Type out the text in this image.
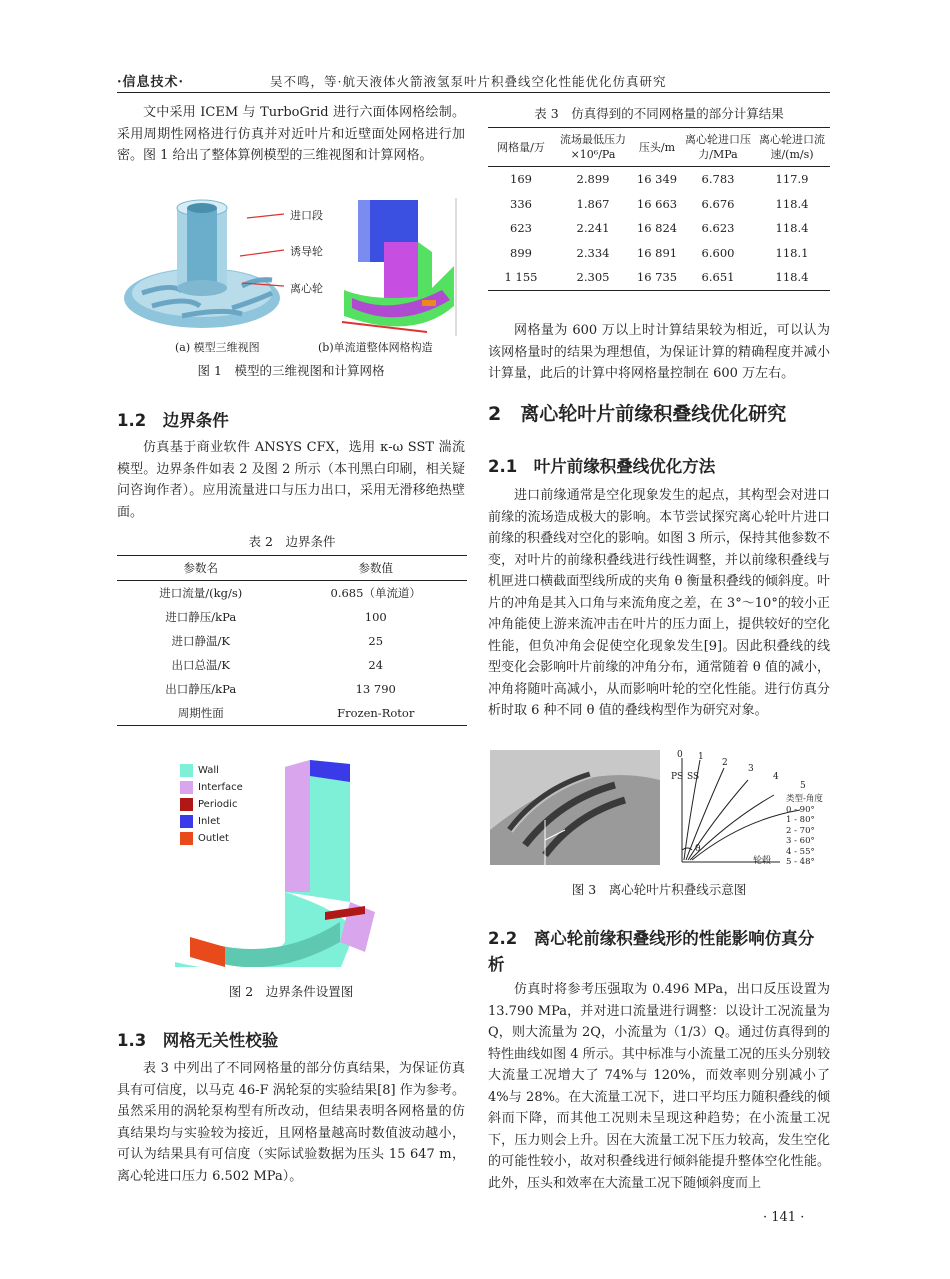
·信息技术·	吴不鸣，等·航天液体火箭液氢泵叶片积叠线空化性能优化仿真研究

文中采用 ICEM 与 TurboGrid 进行六面体网格绘制。采用周期性网格进行仿真并对近叶片和近壁面处网格进行加密。图 1 给出了整体算例模型的三维视图和计算网格。

进口段
诱导轮
离心轮
(a) 模型三维视图	(b)单流道整体网格构造
图 1　模型的三维视图和计算网格
1.2　边界条件

仿真基于商业软件 ANSYS CFX，选用 κ-ω SST 湍流模型。边界条件如表 2 及图 2 所示（本刊黑白印刷，相关疑问咨询作者）。应用流量进口与压力出口，采用无滑移绝热壁面。

表 2　边界条件
参数名	参数值
进口流量/(kg/s)	0.685（单流道）
进口静压/kPa	100
进口静温/K	25
出口总温/K	24
出口静压/kPa	13 790
周期性面	Frozen-Rotor
Wall
Interface
Periodic
Inlet
Outlet
图 2　边界条件设置图
1.3　网格无关性校验

表 3 中列出了不同网格量的部分仿真结果，为保证仿真具有可信度，以马克 46-F 涡轮泵的实验结果[8] 作为参考。虽然采用的涡轮泵构型有所改动，但结果表明各网格量的仿真结果均与实验较为接近，且网格量越高时数值波动越小，可认为结果具有可信度（实际试验数据为压头 15 647 m，离心轮进口压力 6.502 MPa）。

表 3　仿真得到的不同网格量的部分计算结果
网格量/万	流场最低压力×10⁶/Pa	压头/m	离心轮进口压力/MPa	离心轮进口流速/(m/s)
169	2.899	16 349	6.783	117.9
336	1.867	16 663	6.676	118.4
623	2.241	16 824	6.623	118.4
899	2.334	16 891	6.600	118.1
1 155	2.305	16 735	6.651	118.4

网格量为 600 万以上时计算结果较为相近，可以认为该网格量时的结果为理想值，为保证计算的精确程度并减小计算量，此后的计算中将网格量控制在 600 万左右。

2　离心轮叶片前缘积叠线优化研究
2.1　叶片前缘积叠线优化方法

进口前缘通常是空化现象发生的起点，其构型会对进口前缘的流场造成极大的影响。本节尝试探究离心轮叶片进口前缘的积叠线对空化的影响。如图 3 所示，保持其他参数不变，对叶片的前缘积叠线进行线性调整，并以前缘积叠线与机匣进口横截面型线所成的夹角 θ 衡量积叠线的倾斜度。叶片的冲角是其入口角与来流角度之差，在 3°～10°的较小正冲角能使上游来流冲击在叶片的压力面上，提供较好的空化性能，但负冲角会促使空化现象发生[9]。因此积叠线的线型变化会影响叶片前缘的冲角分布，通常随着 θ 值的减小，冲角将随叶高减小，从而影响叶轮的空化性能。进行仿真分析时取 6 种不同 θ 值的叠线构型作为研究对象。

0 1
2
3
4
5
PS SS
θ
轮毂
类型-角度
0 - 90°
1 - 80°
2 - 70°
3 - 60°
4 - 55°
5 - 48°
图 3　离心轮叶片积叠线示意图
2.2　离心轮前缘积叠线形的性能影响仿真分析

仿真时将参考压强取为 0.496 MPa，出口反压设置为 13.790 MPa，并对进口流量进行调整：以设计工况流量为 Q，则大流量为 2Q，小流量为（1/3）Q。通过仿真得到的特性曲线如图 4 所示。其中标准与小流量工况的压头分别较大流量工况增大了 74%与 120%，而效率则分别减小了 4%与 28%。在大流量工况下，进口平均压力随积叠线的倾斜而下降，而其他工况则未呈现这种趋势；在小流量工况下，压力则会上升。因在大流量工况下压力较高，发生空化的可能性较小，故对积叠线进行倾斜能提升整体空化性能。此外，压头和效率在大流量工况下随倾斜度而上

· 141 ·
